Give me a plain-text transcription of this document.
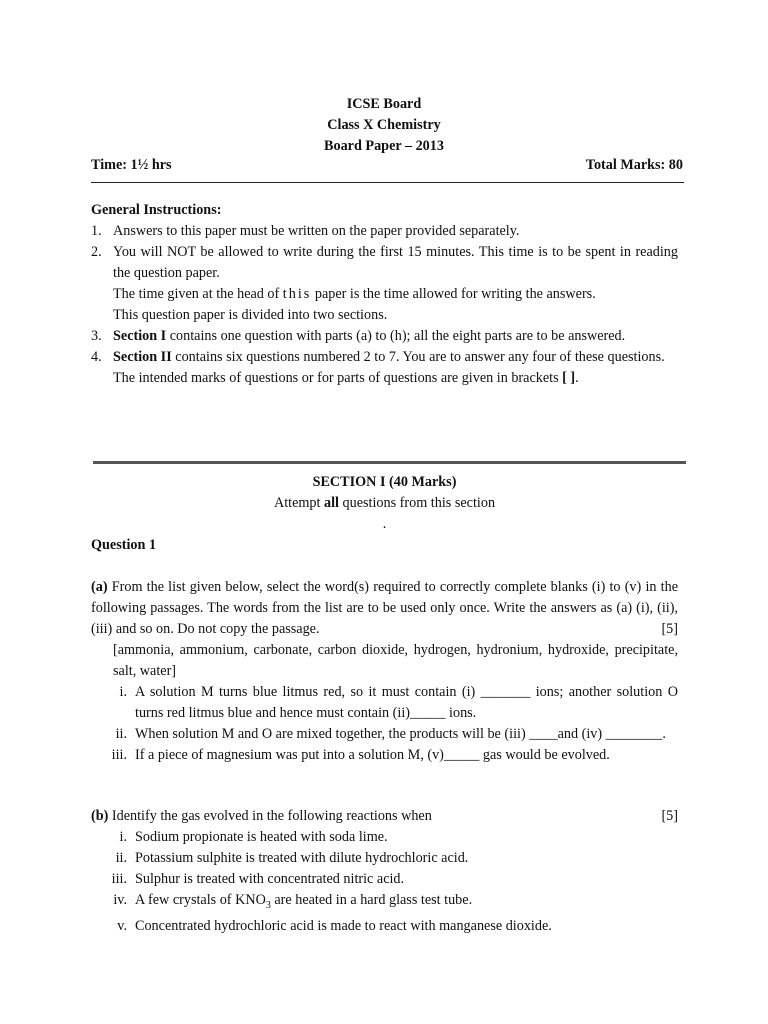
ICSE Board
Class X Chemistry
Board Paper – 2013
Time: 1½ hrs	Total Marks: 80
General Instructions:
1. Answers to this paper must be written on the paper provided separately.
2. You will NOT be allowed to write during the first 15 minutes. This time is to be spent in reading the question paper.
The time given at the head of this paper is the time allowed for writing the answers.
This question paper is divided into two sections.
3. Section I contains one question with parts (a) to (h); all the eight parts are to be answered.
4. Section II contains six questions numbered 2 to 7. You are to answer any four of these questions.
The intended marks of questions or for parts of questions are given in brackets [ ].
SECTION I (40 Marks)
Attempt all questions from this section
.
Question 1
(a) From the list given below, select the word(s) required to correctly complete blanks (i) to (v) in the following passages. The words from the list are to be used only once. Write the answers as (a) (i), (ii), (iii) and so on. Do not copy the passage.	[5]
[ammonia, ammonium, carbonate, carbon dioxide, hydrogen, hydronium, hydroxide, precipitate, salt, water]
i. A solution M turns blue litmus red, so it must contain (i) _______ ions; another solution O turns red litmus blue and hence must contain (ii)_____ ions.
ii. When solution M and O are mixed together, the products will be (iii) ____and (iv) ________.
iii. If a piece of magnesium was put into a solution M, (v)_____ gas would be evolved.
(b) Identify the gas evolved in the following reactions when	[5]
i. Sodium propionate is heated with soda lime.
ii. Potassium sulphite is treated with dilute hydrochloric acid.
iii. Sulphur is treated with concentrated nitric acid.
iv. A few crystals of $KNO_3$ are heated in a hard glass test tube.
v. Concentrated hydrochloric acid is made to react with manganese dioxide.
